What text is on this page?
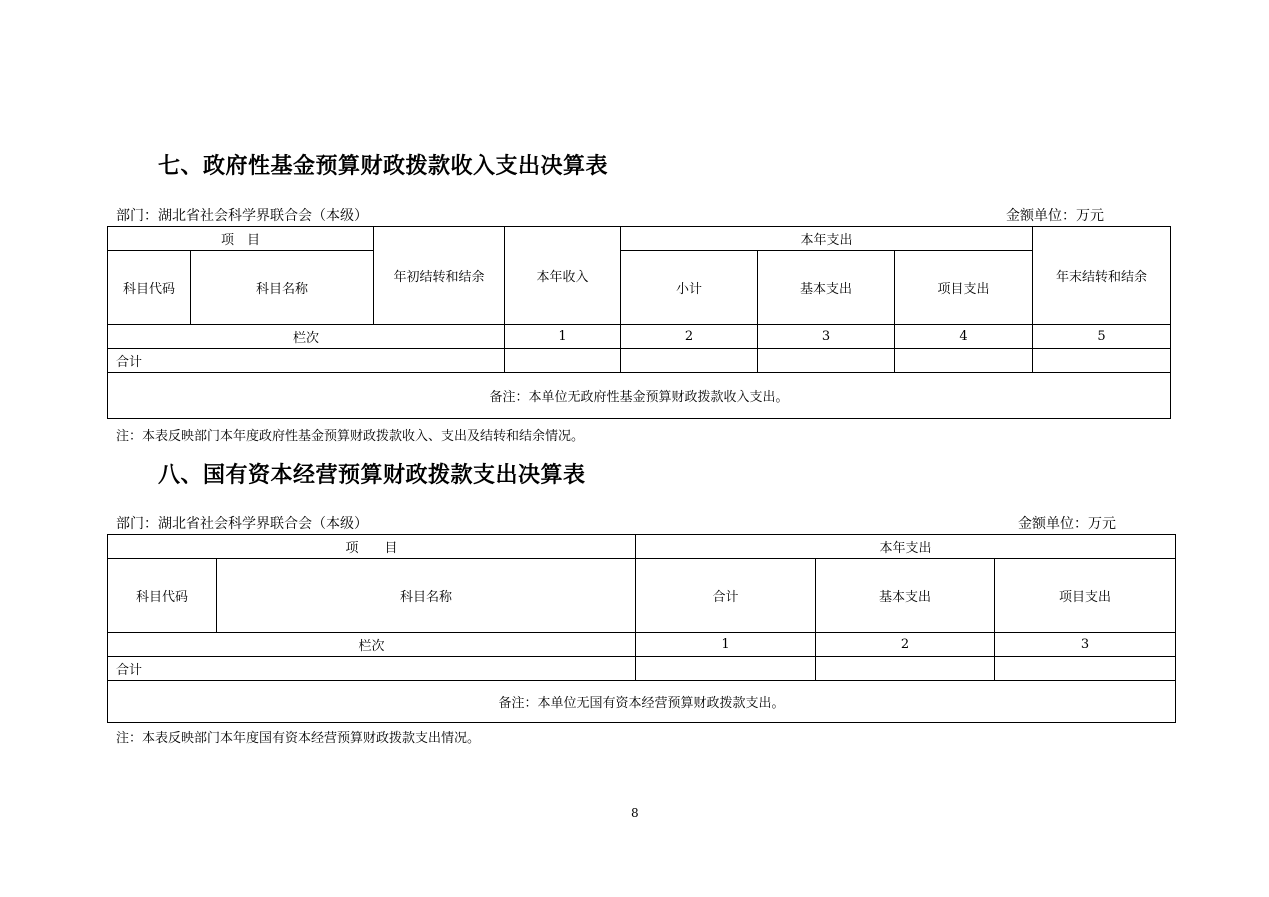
七、政府性基金预算财政拨款收入支出决算表
部门：湖北省社会科学界联合会（本级）	金额单位：万元
项　目		年初结转和结余	本年收入	本年支出			年末结转和结余
科目代码	科目名称			小计	基本支出	项目支出	
栏次			1	2	3	4	5
合计							
备注：本单位无政府性基金预算财政拨款收入支出。							
注：本表反映部门本年度政府性基金预算财政拨款收入、支出及结转和结余情况。
八、国有资本经营预算财政拨款支出决算表
部门：湖北省社会科学界联合会（本级）	金额单位：万元
项　　目		本年支出		
科目代码	科目名称	合计	基本支出	项目支出
栏次		1	2	3
合计				
备注：本单位无国有资本经营预算财政拨款支出。				
注：本表反映部门本年度国有资本经营预算财政拨款支出情况。
8
